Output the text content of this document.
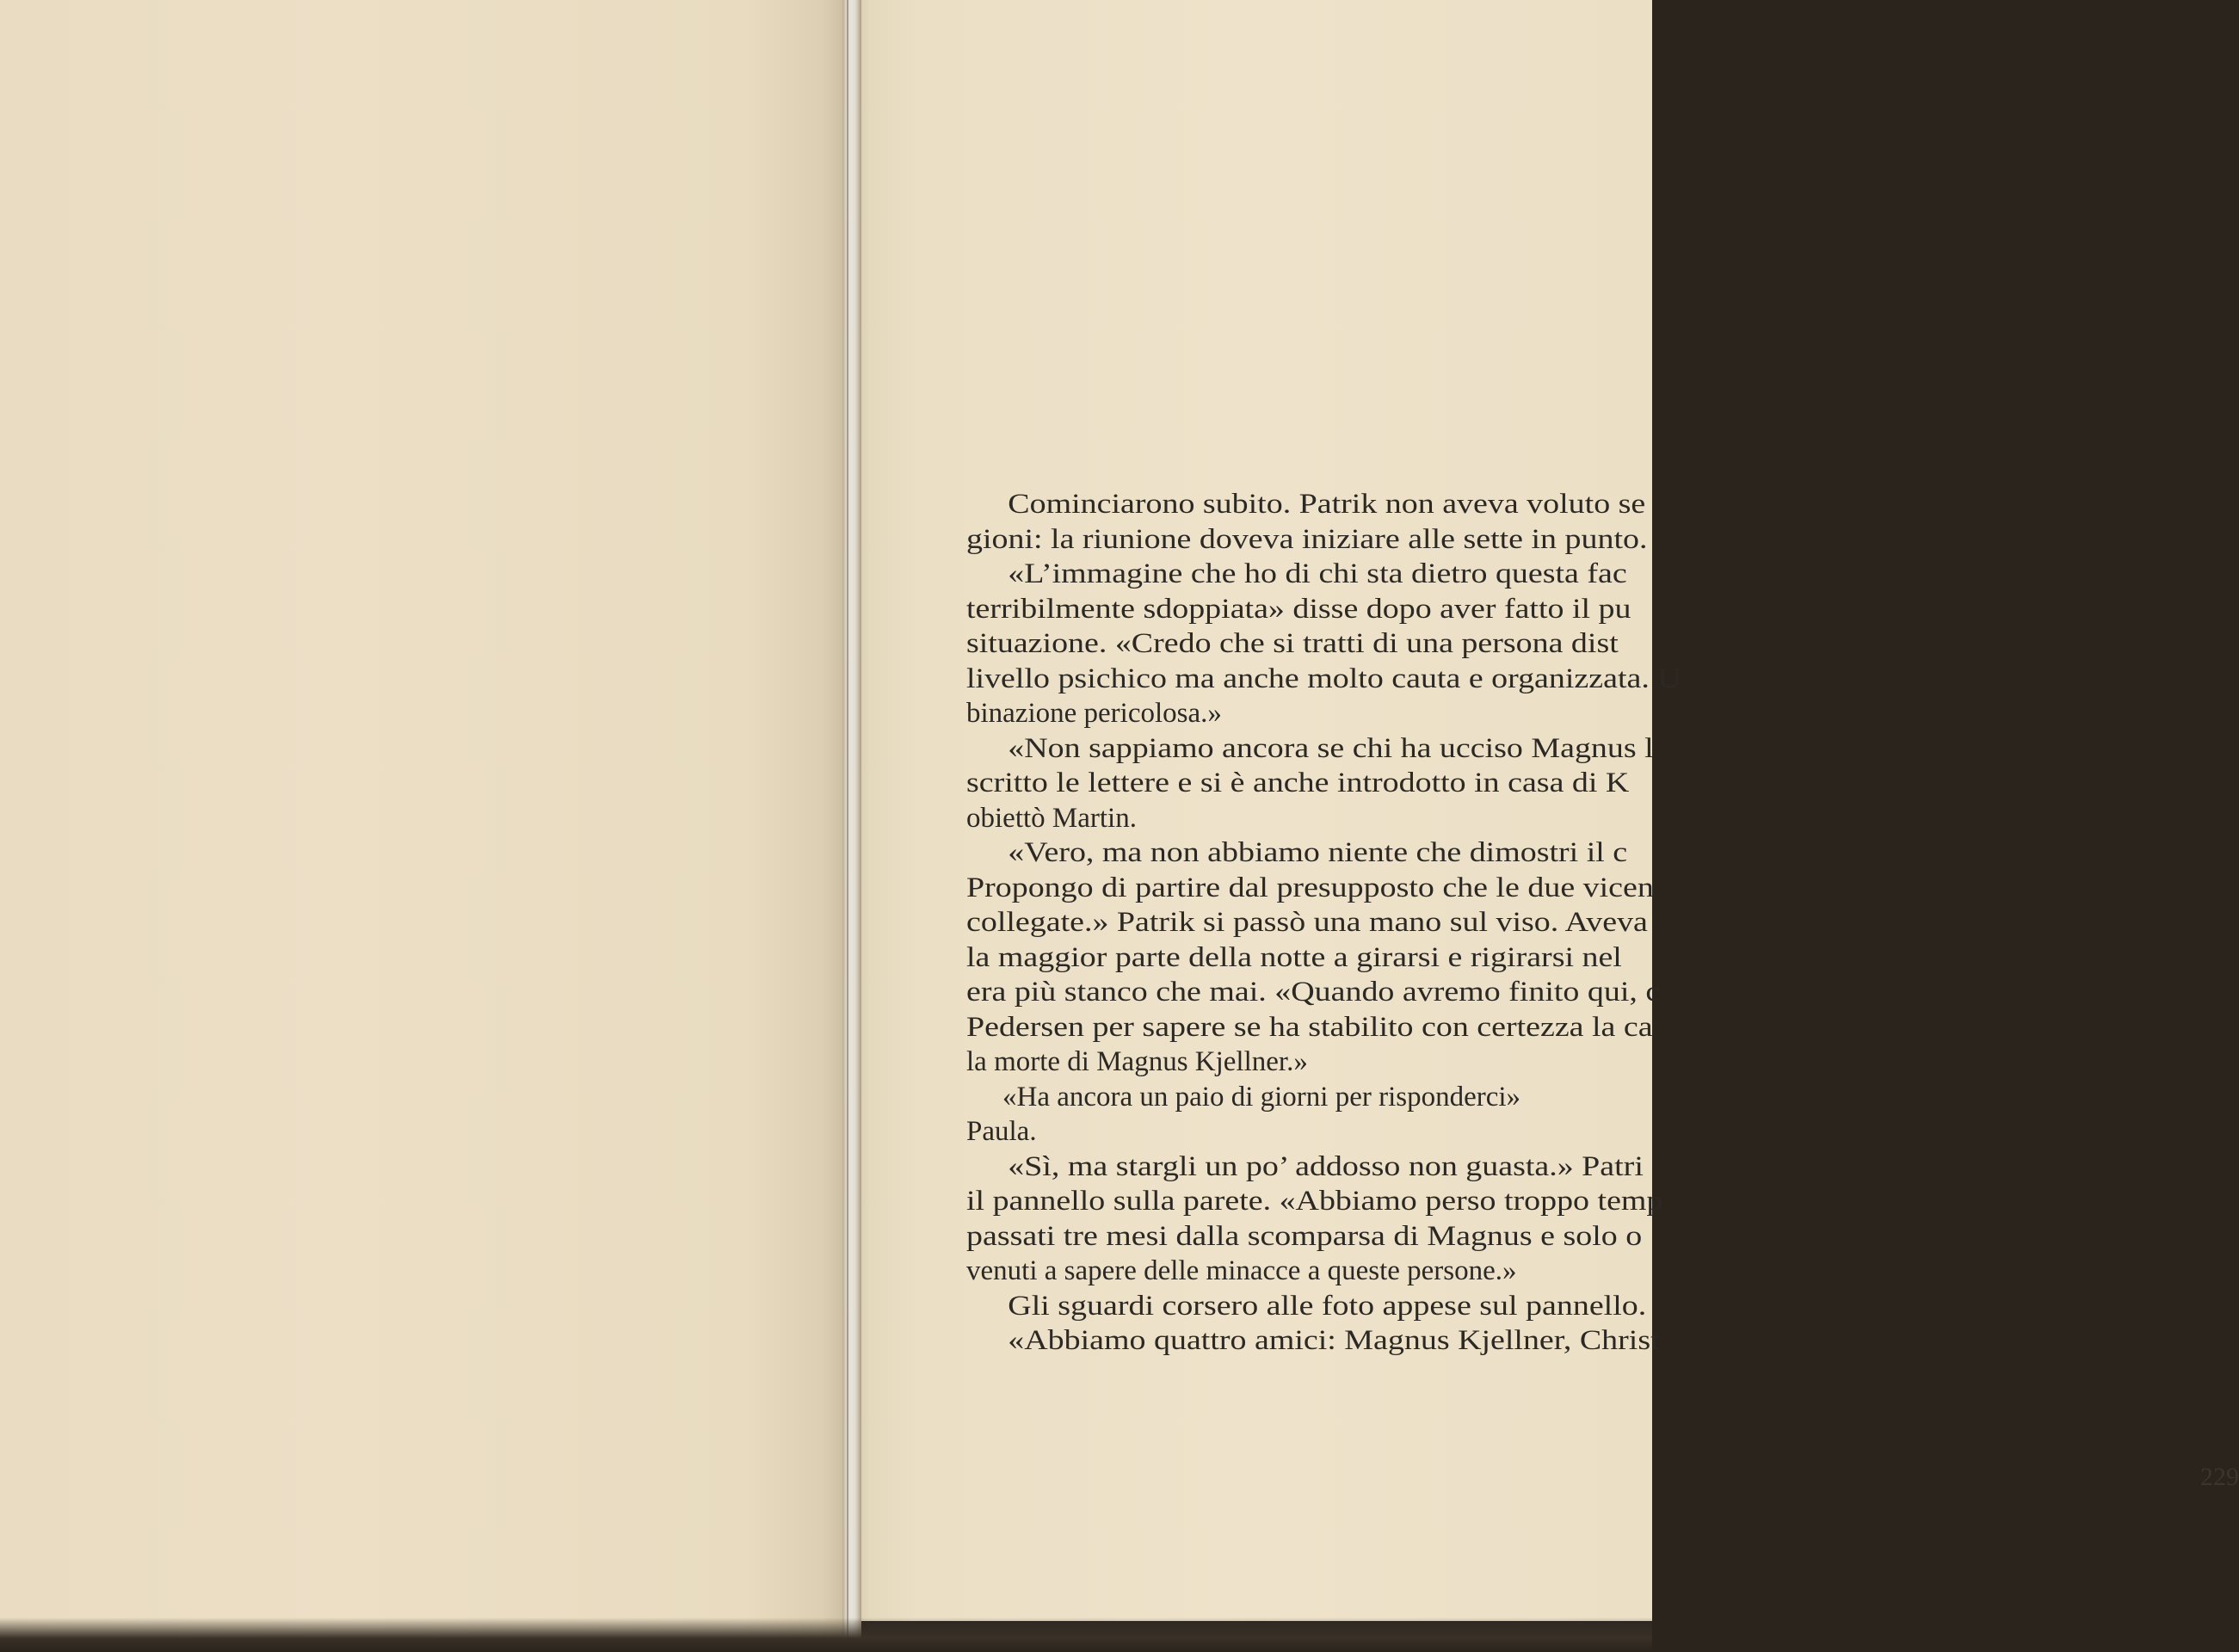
Cominciarono subito. Patrik non aveva voluto se
gioni: la riunione doveva iniziare alle sette in punto.
«L’immagine che ho di chi sta dietro questa fac
terribilmente sdoppiata» disse dopo aver fatto il pu
situazione. «Credo che si tratti di una persona dist
livello psichico ma anche molto cauta e organizzata. U
binazione pericolosa.»
«Non sappiamo ancora se chi ha ucciso Magnus l
scritto le lettere e si è anche introdotto in casa di K
obiettò Martin.
«Vero, ma non abbiamo niente che dimostri il c
Propongo di partire dal presupposto che le due vicen
collegate.» Patrik si passò una mano sul viso. Aveva
la maggior parte della notte a girarsi e rigirarsi nel
era più stanco che mai. «Quando avremo finito qui, c
Pedersen per sapere se ha stabilito con certezza la ca
la morte di Magnus Kjellner.»
«Ha ancora un paio di giorni per risponderci»
Paula.
«Sì, ma stargli un po’ addosso non guasta.» Patri
il pannello sulla parete. «Abbiamo perso troppo temp
passati tre mesi dalla scomparsa di Magnus e solo o
venuti a sapere delle minacce a queste persone.»
Gli sguardi corsero alle foto appese sul pannello.
«Abbiamo quattro amici: Magnus Kjellner, Christ
229
